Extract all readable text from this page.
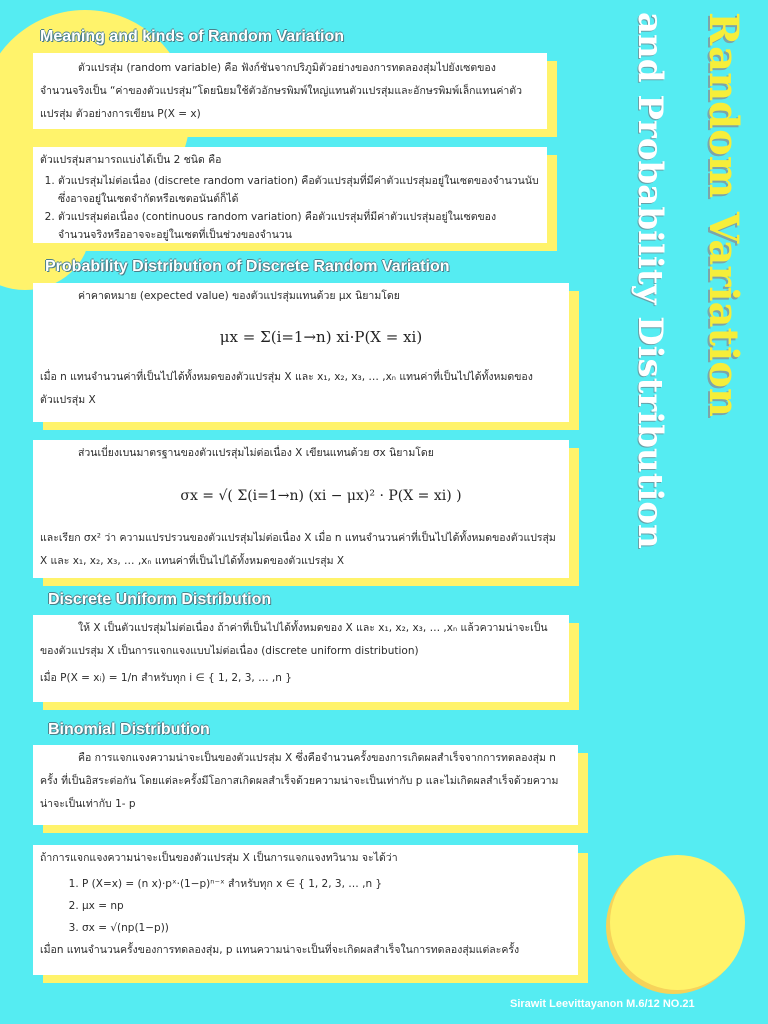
Random Variation
and Probability Distribution
Meaning and kinds of Random Variation

ตัวแปรสุ่ม (random variable) คือ ฟังก์ชันจากปริภูมิตัวอย่างของการทดลองสุ่มไปยังเซตของจำนวนจริงเป็น “ค่าของตัวแปรสุ่ม”โดยนิยมใช้ตัวอักษรพิมพ์ใหญ่แทนตัวแปรสุ่มและอักษรพิมพ์เล็กแทนค่าตัวแปรสุ่ม ตัวอย่างการเขียน P(X = x)

ตัวแปรสุ่มสามารถแบ่งได้เป็น 2 ชนิด คือ

1. ตัวแปรสุ่มไม่ต่อเนื่อง (discrete random variation) คือตัวแปรสุ่มที่มีค่าตัวแปรสุ่มอยู่ในเซตของจำนวนนับซึ่งอาจอยู่ในเซตจำกัดหรือเซตอนันต์ก็ได้
2. ตัวแปรสุ่มต่อเนื่อง (continuous random variation) คือตัวแปรสุ่มที่มีค่าตัวแปรสุ่มอยู่ในเซตของจำนวนจริงหรืออาจจะอยู่ในเซตที่เป็นช่วงของจำนวน
Probability Distribution of Discrete Random Variation

ค่าคาดหมาย (expected value) ของตัวแปรสุ่มแทนด้วย μx นิยามโดย

μx = Σ(i=1→n) xi·P(X = xi)

เมื่อ n แทนจำนวนค่าที่เป็นไปได้ทั้งหมดของตัวแปรสุ่ม X และ x₁, x₂, x₃, … ,xₙ แทนค่าที่เป็นไปได้ทั้งหมดของตัวแปรสุ่ม X

ส่วนเบี่ยงเบนมาตรฐานของตัวแปรสุ่มไม่ต่อเนื่อง X เขียนแทนด้วย σx นิยามโดย

σx = √( Σ(i=1→n) (xi − μx)² · P(X = xi) )

และเรียก σx² ว่า ความแปรปรวนของตัวแปรสุ่มไม่ต่อเนื่อง X เมื่อ n แทนจำนวนค่าที่เป็นไปได้ทั้งหมดของตัวแปรสุ่ม X และ x₁, x₂, x₃, … ,xₙ แทนค่าที่เป็นไปได้ทั้งหมดของตัวแปรสุ่ม X

Discrete Uniform Distribution

ให้ X เป็นตัวแปรสุ่มไม่ต่อเนื่อง ถ้าค่าที่เป็นไปได้ทั้งหมดของ X และ x₁, x₂, x₃, … ,xₙ แล้วความน่าจะเป็นของตัวแปรสุ่ม X เป็นการแจกแจงแบบไม่ต่อเนื่อง (discrete uniform distribution)

เมื่อ P(X = xᵢ) = 1/n สำหรับทุก i ∈ { 1, 2, 3, … ,n }

Binomial Distribution

คือ การแจกแจงความน่าจะเป็นของตัวแปรสุ่ม X ซึ่งคือจำนวนครั้งของการเกิดผลสำเร็จจากการทดลองสุ่ม n ครั้ง ที่เป็นอิสระต่อกัน โดยแต่ละครั้งมีโอกาสเกิดผลสำเร็จด้วยความน่าจะเป็นเท่ากับ p และไม่เกิดผลสำเร็จด้วยความน่าจะเป็นเท่ากับ 1- p

ถ้าการแจกแจงความน่าจะเป็นของตัวแปรสุ่ม X เป็นการแจกแจงทวินาม จะได้ว่า

1. P (X=x) = (n x)·pˣ·(1−p)ⁿ⁻ˣ สำหรับทุก x ∈ { 1, 2, 3, … ,n }
2. μx = np
3. σx = √(np(1−p))

เมื่อn แทนจำนวนครั้งของการทดลองสุ่ม, p แทนความน่าจะเป็นที่จะเกิดผลสำเร็จในการทดลองสุ่มแต่ละครั้ง

Sirawit Leevittayanon M.6/12 NO.21
